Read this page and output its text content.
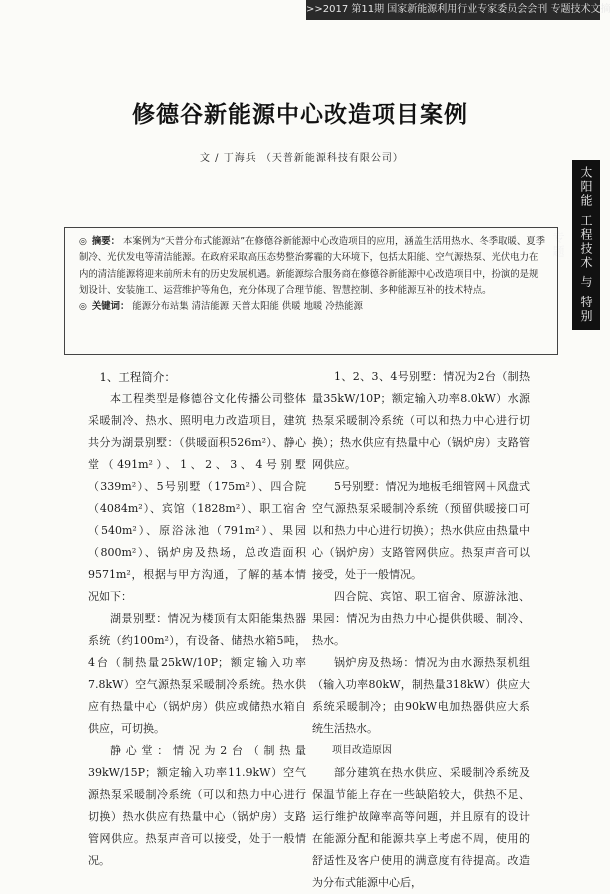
>>2017 第11期 国家新能源利用行业专家委员会会刊 专题技术文摘
修德谷新能源中心改造项目案例
文 / 丁海兵 （天普新能源科技有限公司）
太阳能 工程技术 与 特别专题
◎ 摘要： 本案例为“天普分布式能源站”在修德谷新能源中心改造项目的应用，涵盖生活用热水、冬季取暖、夏季制冷、光伏发电等清洁能源。在政府采取高压态势整治雾霾的大环境下，包括太阳能、空气源热泵、光伏电力在内的清洁能源将迎来前所未有的历史发展机遇。新能源综合服务商在修德谷新能源中心改造项目中，扮演的是规划设计、安装施工、运营维护等角色，充分体现了合理节能、智慧控制、多种能源互补的技术特点。
◎ 关键词： 能源分布站集 清洁能源 天普太阳能 供暖 地暖 冷热能源
1、工程简介：

本工程类型是修德谷文化传播公司整体采暖制冷、热水、照明电力改造项目，建筑共分为湖景别墅：（供暖面积526m²）、静心堂（491m²）、1、2、3、4号别墅（339m²）、5号别墅（175m²）、四合院（4084m²）、宾馆（1828m²）、职工宿舍（540m²）、原浴泳池（791m²）、果园（800m²）、锅炉房及热场，总改造面积9571m²，根据与甲方沟通，了解的基本情况如下：

湖景别墅：情况为楼顶有太阳能集热器系统（约100m²），有设备、储热水箱5吨，4台（制热量25kW/10P；额定输入功率7.8kW）空气源热泵采暖制冷系统。热水供应有热量中心（锅炉房）供应或储热水箱自供应，可切换。

静心堂：情况为2台（制热量39kW/15P；额定输入功率11.9kW）空气源热泵采暖制冷系统（可以和热力中心进行切换）热水供应有热量中心（锅炉房）支路管网供应。热泵声音可以接受，处于一般情况。

1、2、3、4号别墅：情况为2台（制热量35kW/10P；额定输入功率8.0kW）水源热泵采暖制冷系统（可以和热力中心进行切换）；热水供应有热量中心（锅炉房）支路管网供应。

5号别墅：情况为地板毛细管网＋风盘式空气源热泵采暖制冷系统（预留供暖接口可以和热力中心进行切换）；热水供应由热量中心（锅炉房）支路管网供应。热泵声音可以接受，处于一般情况。

四合院、宾馆、职工宿舍、原游泳池、果园：情况为由热力中心提供供暖、制冷、热水。

锅炉房及热场：情况为由水源热泵机组（输入功率80kW，制热量318kW）供应大系统采暖制冷；由90kW电加热器供应大系统生活热水。

项目改造原因

部分建筑在热水供应、采暖制冷系统及保温节能上存在一些缺陷较大，供热不足、运行维护故障率高等问题，并且原有的设计在能源分配和能源共享上考虑不周，使用的舒适性及客户使用的满意度有待提高。改造为分布式能源中心后，
